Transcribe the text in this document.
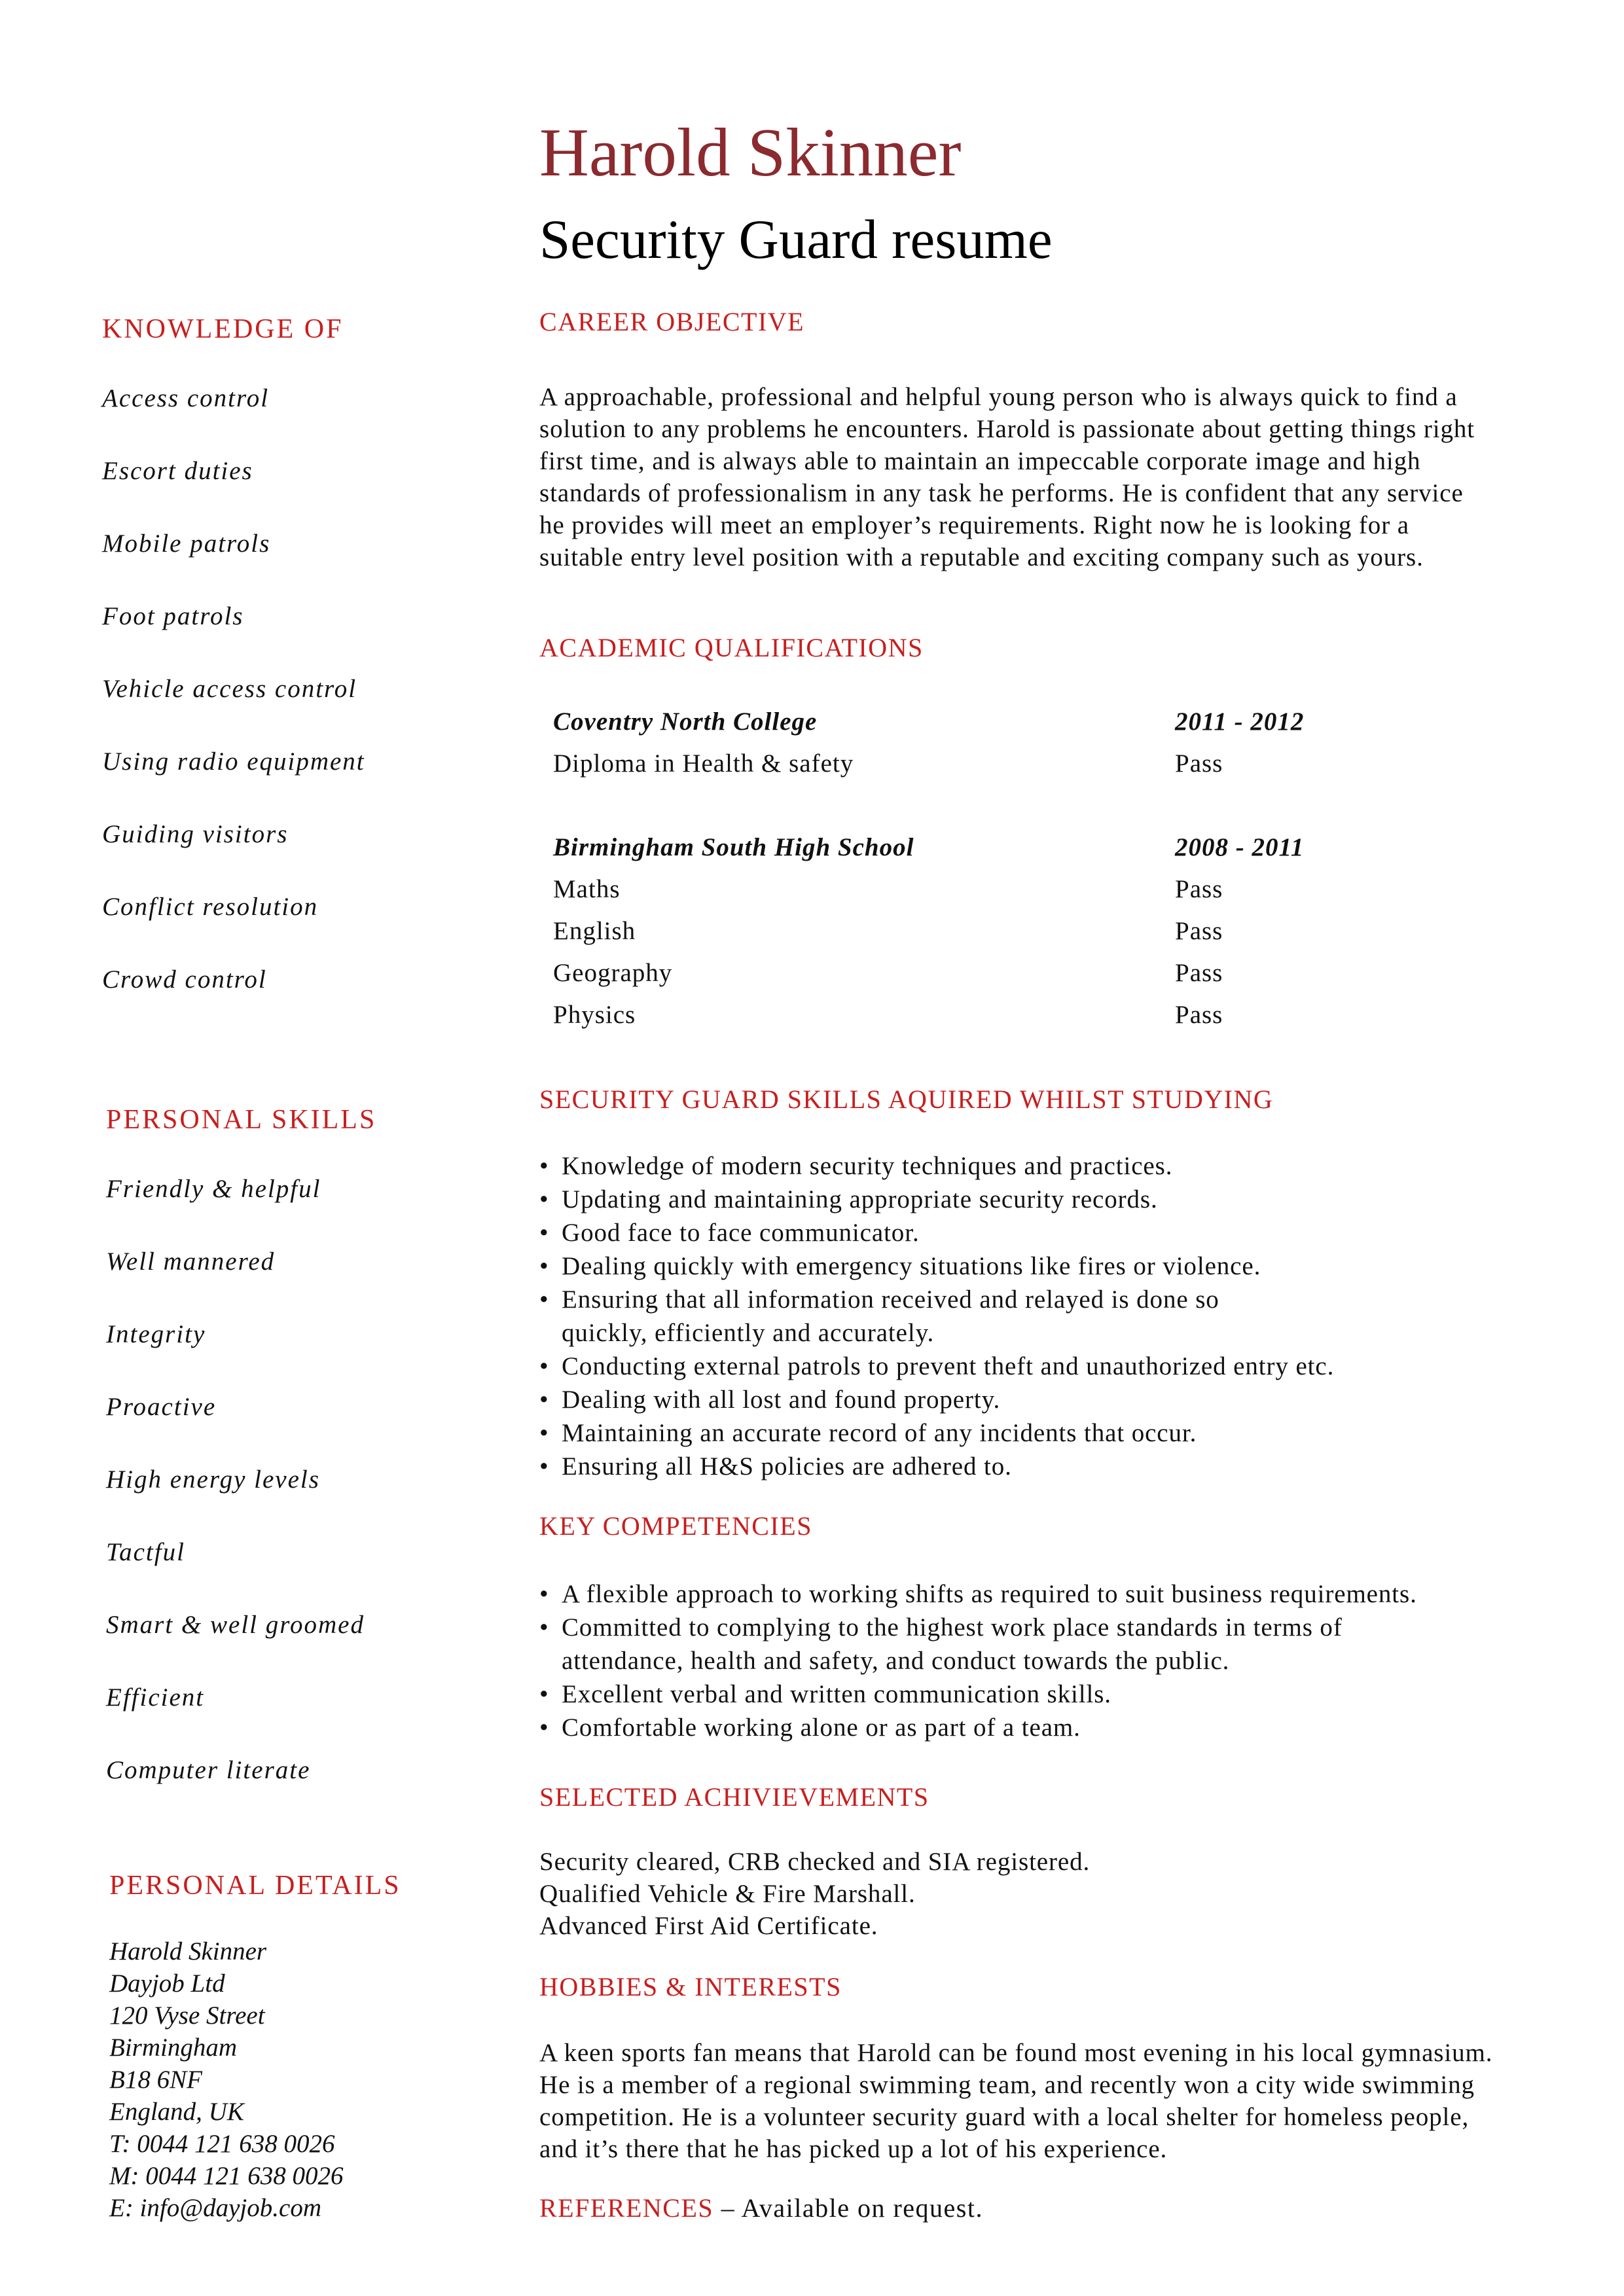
Harold Skinner
Security Guard resume
KNOWLEDGE OF
Access control
Escort duties
Mobile patrols
Foot patrols
Vehicle access control
Using radio equipment
Guiding visitors
Conflict resolution
Crowd control
PERSONAL SKILLS
Friendly & helpful
Well mannered
Integrity
Proactive
High energy levels
Tactful
Smart & well groomed
Efficient
Computer literate
PERSONAL DETAILS
Harold Skinner
Dayjob Ltd
120 Vyse Street
Birmingham
B18 6NF
England, UK
T: 0044 121 638 0026
M: 0044 121 638 0026
E: info@dayjob.com
CAREER OBJECTIVE
A approachable, professional and helpful young person who is always quick to find a solution to any problems he encounters. Harold is passionate about getting things right first time, and is always able to maintain an impeccable corporate image and high standards of professionalism in any task he performs. He is confident that any service he provides will meet an employer’s requirements. Right now he is looking for a suitable entry level position with a reputable and exciting company such as yours.
ACADEMIC QUALIFICATIONS
Coventry North College	2011 - 2012
Diploma in Health & safety	Pass
Birmingham South High School	2008 - 2011
Maths	Pass
English	Pass
Geography	Pass
Physics	Pass
SECURITY GUARD SKILLS AQUIRED WHILST STUDYING
• Knowledge of modern security techniques and practices.
• Updating and maintaining appropriate security records.
• Good face to face communicator.
• Dealing quickly with emergency situations like fires or violence.
• Ensuring that all information received and relayed is done so quickly, efficiently and accurately.
• Conducting external patrols to prevent theft and unauthorized entry etc.
• Dealing with all lost and found property.
• Maintaining an accurate record of any incidents that occur.
• Ensuring all H&S policies are adhered to.
KEY COMPETENCIES
• A flexible approach to working shifts as required to suit business requirements.
• Committed to complying to the highest work place standards in terms of attendance, health and safety, and conduct towards the public.
• Excellent verbal and written communication skills.
• Comfortable working alone or as part of a team.
SELECTED ACHIVIEVEMENTS
Security cleared, CRB checked and SIA registered.
Qualified Vehicle & Fire Marshall.
Advanced First Aid Certificate.
HOBBIES & INTERESTS
A keen sports fan means that Harold can be found most evening in his local gymnasium. He is a member of a regional swimming team, and recently won a city wide swimming competition. He is a volunteer security guard with a local shelter for homeless people, and it’s there that he has picked up a lot of his experience.
REFERENCES – Available on request.
